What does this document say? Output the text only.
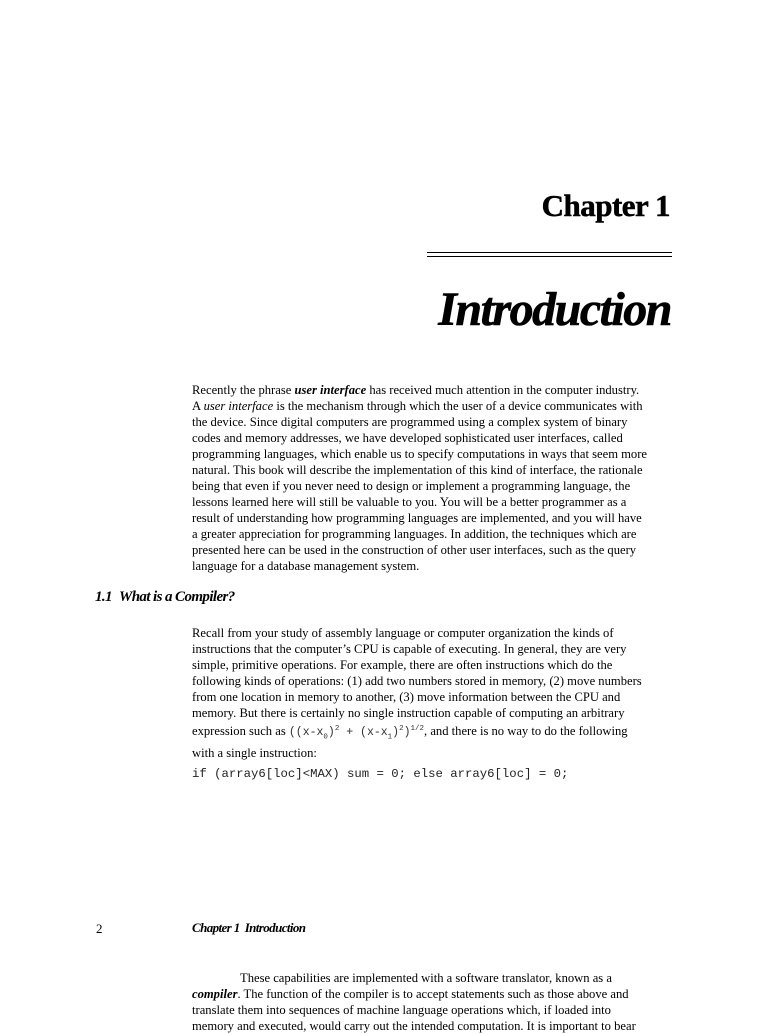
Chapter 1
Introduction
Recently the phrase user interface has received much attention in the computer industry.
A user interface is the mechanism through which the user of a device communicates with
the device. Since digital computers are programmed using a complex system of binary
codes and memory addresses, we have developed sophisticated user interfaces, called
programming languages, which enable us to specify computations in ways that seem more
natural. This book will describe the implementation of this kind of interface, the rationale
being that even if you never need to design or implement a programming language, the
lessons learned here will still be valuable to you. You will be a better programmer as a
result of understanding how programming languages are implemented, and you will have
a greater appreciation for programming languages. In addition, the techniques which are
presented here can be used in the construction of other user interfaces, such as the query
language for a database management system.
1.1 What is a Compiler?
Recall from your study of assembly language or computer organization the kinds of
instructions that the computer’s CPU is capable of executing. In general, they are very
simple, primitive operations. For example, there are often instructions which do the
following kinds of operations: (1) add two numbers stored in memory, (2) move numbers
from one location in memory to another, (3) move information between the CPU and
memory. But there is certainly no single instruction capable of computing an arbitrary
expression such as $((x-x_0)^2 + (x-x_1)^2)^{1/2}$, and there is no way to do the following
with a single instruction:
if (array6[loc]<MAX) sum = 0; else array6[loc] = 0;
2	Chapter 1 Introduction
These capabilities are implemented with a software translator, known as a
compiler. The function of the compiler is to accept statements such as those above and
translate them into sequences of machine language operations which, if loaded into
memory and executed, would carry out the intended computation. It is important to bear
